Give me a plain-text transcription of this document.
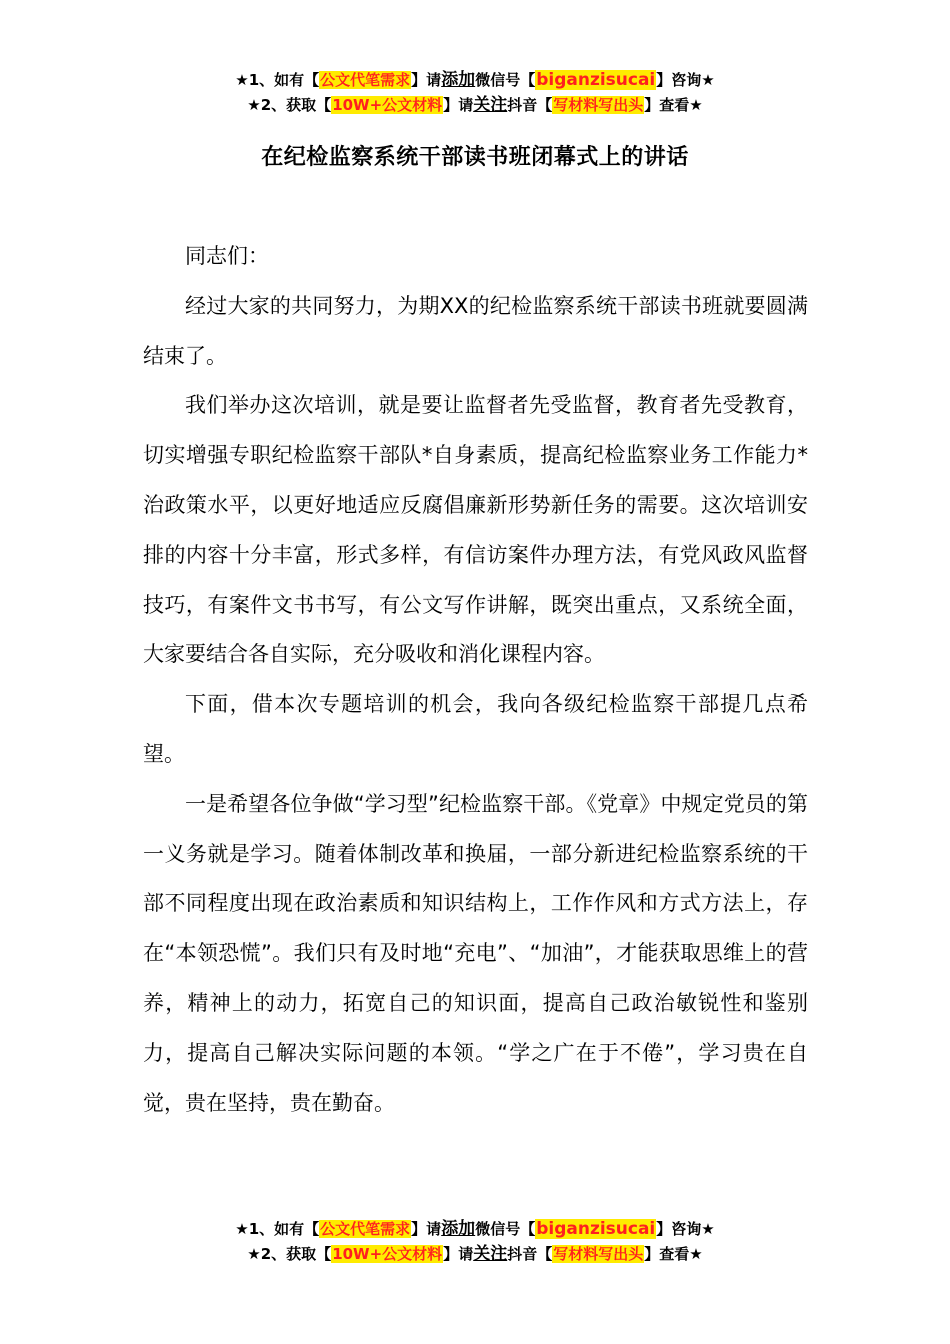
★1、如有【公文代笔需求】请添加微信号【biganzisucai】咨询★
★2、获取【10W+公文材料】请关注抖音【写材料写出头】查看★
在纪检监察系统干部读书班闭幕式上的讲话

同志们：

经过大家的共同努力，为期XX的纪检监察系统干部读书班就要圆满结束了。

我们举办这次培训，就是要让监督者先受监督，教育者先受教育，切实增强专职纪检监察干部队*自身素质，提高纪检监察业务工作能力*治政策水平，以更好地适应反腐倡廉新形势新任务的需要。这次培训安排的内容十分丰富，形式多样，有信访案件办理方法，有党风政风监督技巧，有案件文书书写，有公文写作讲解，既突出重点，又系统全面，大家要结合各自实际，充分吸收和消化课程内容。

下面，借本次专题培训的机会，我向各级纪检监察干部提几点希望。

一是希望各位争做“学习型”纪检监察干部。《党章》中规定党员的第一义务就是学习。随着体制改革和换届，一部分新进纪检监察系统的干部不同程度出现在政治素质和知识结构上，工作作风和方式方法上，存在“本领恐慌”。我们只有及时地“充电”、“加油”，才能获取思维上的营养，精神上的动力，拓宽自己的知识面，提高自己政治敏锐性和鉴别力，提高自己解决实际问题的本领。“学之广在于不倦”，学习贵在自觉，贵在坚持，贵在勤奋。

★1、如有【公文代笔需求】请添加微信号【biganzisucai】咨询★
★2、获取【10W+公文材料】请关注抖音【写材料写出头】查看★
